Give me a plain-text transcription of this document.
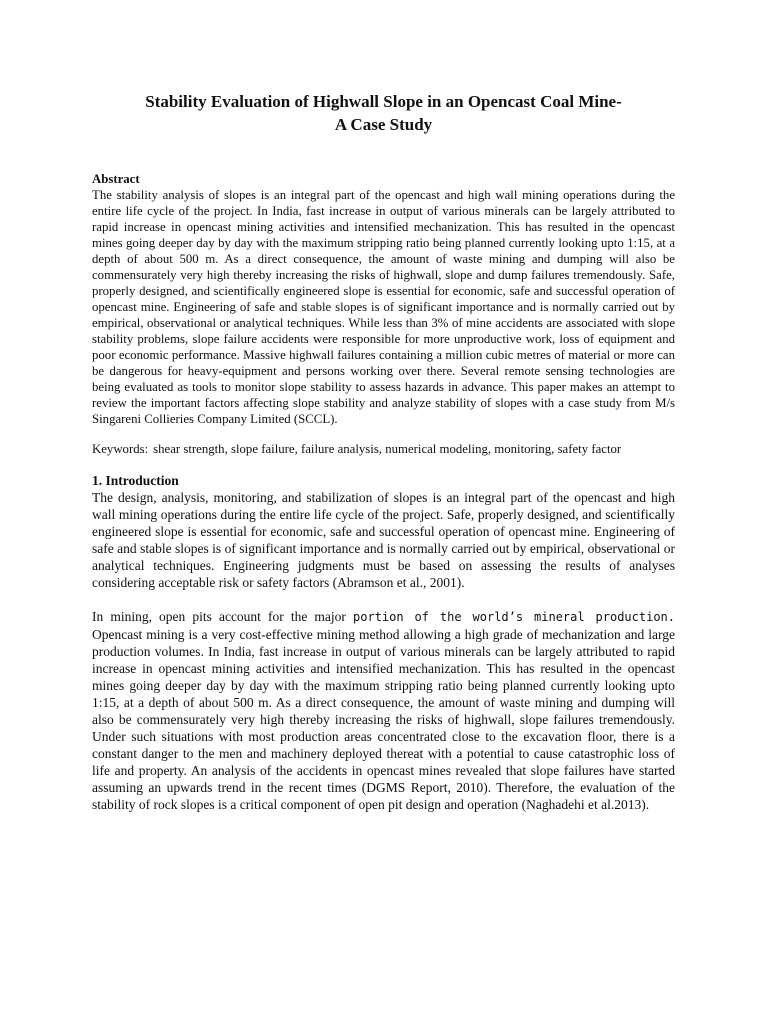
Stability Evaluation of Highwall Slope in an Opencast Coal Mine-
A Case Study
Abstract

The stability analysis of slopes is an integral part of the opencast and high wall mining operations during the entire life cycle of the project. In India, fast increase in output of various minerals can be largely attributed to rapid increase in opencast mining activities and intensified mechanization. This has resulted in the opencast mines going deeper day by day with the maximum stripping ratio being planned currently looking upto 1:15, at a depth of about 500 m. As a direct consequence, the amount of waste mining and dumping will also be commensurately very high thereby increasing the risks of highwall, slope and dump failures tremendously. Safe, properly designed, and scientifically engineered slope is essential for economic, safe and successful operation of opencast mine. Engineering of safe and stable slopes is of significant importance and is normally carried out by empirical, observational or analytical techniques. While less than 3% of mine accidents are associated with slope stability problems, slope failure accidents were responsible for more unproductive work, loss of equipment and poor economic performance. Massive highwall failures containing a million cubic metres of material or more can be dangerous for heavy-equipment and persons working over there. Several remote sensing technologies are being evaluated as tools to monitor slope stability to assess hazards in advance. This paper makes an attempt to review the important factors affecting slope stability and analyze stability of slopes with a case study from M/s Singareni Collieries Company Limited (SCCL).

Keywords: shear strength, slope failure, failure analysis, numerical modeling, monitoring, safety factor
1. Introduction

The design, analysis, monitoring, and stabilization of slopes is an integral part of the opencast and high wall mining operations during the entire life cycle of the project. Safe, properly designed, and scientifically engineered slope is essential for economic, safe and successful operation of opencast mine. Engineering of safe and stable slopes is of significant importance and is normally carried out by empirical, observational or analytical techniques. Engineering judgments must be based on assessing the results of analyses considering acceptable risk or safety factors (Abramson et al., 2001).

In mining, open pits account for the major portion of the world’s mineral production. Opencast mining is a very cost-effective mining method allowing a high grade of mechanization and large production volumes. In India, fast increase in output of various minerals can be largely attributed to rapid increase in opencast mining activities and intensified mechanization. This has resulted in the opencast mines going deeper day by day with the maximum stripping ratio being planned currently looking upto 1:15, at a depth of about 500 m. As a direct consequence, the amount of waste mining and dumping will also be commensurately very high thereby increasing the risks of highwall, slope failures tremendously. Under such situations with most production areas concentrated close to the excavation floor, there is a constant danger to the men and machinery deployed thereat with a potential to cause catastrophic loss of life and property. An analysis of the accidents in opencast mines revealed that slope failures have started assuming an upwards trend in the recent times (DGMS Report, 2010). Therefore, the evaluation of the stability of rock slopes is a critical component of open pit design and operation (Naghadehi et al.2013).
